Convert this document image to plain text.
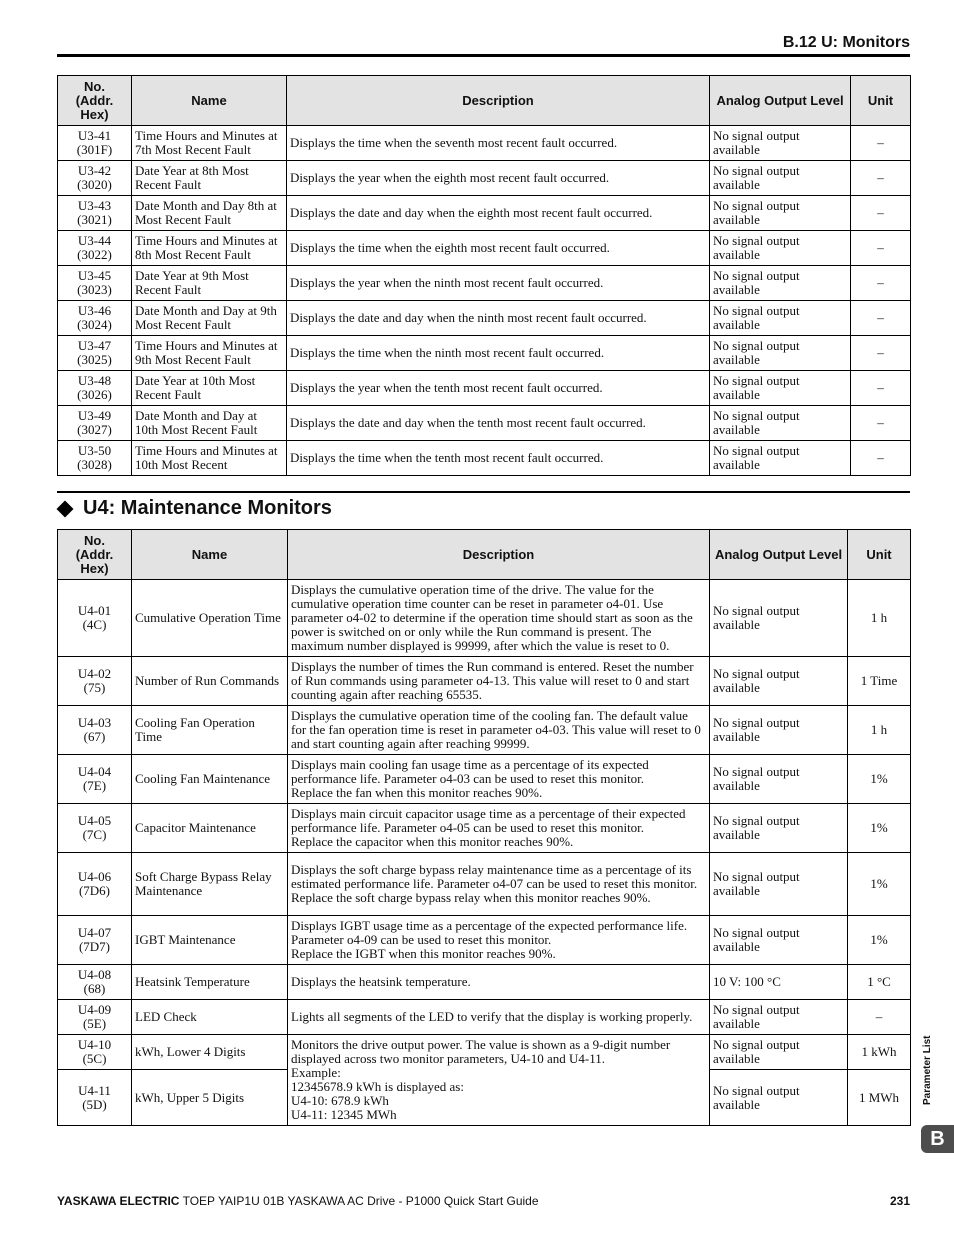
B.12 U: Monitors
No.
(Addr.
Hex)	Name	Description	Analog Output Level	Unit
U3-41
(301F)	Time Hours and Minutes at 7th Most Recent Fault	Displays the time when the seventh most recent fault occurred.	No signal output available	–
U3-42
(3020)	Date Year at 8th Most Recent Fault	Displays the year when the eighth most recent fault occurred.	No signal output available	–
U3-43
(3021)	Date Month and Day 8th at Most Recent Fault	Displays the date and day when the eighth most recent fault occurred.	No signal output available	–
U3-44
(3022)	Time Hours and Minutes at 8th Most Recent Fault	Displays the time when the eighth most recent fault occurred.	No signal output available	–
U3-45
(3023)	Date Year at 9th Most Recent Fault	Displays the year when the ninth most recent fault occurred.	No signal output available	–
U3-46
(3024)	Date Month and Day at 9th Most Recent Fault	Displays the date and day when the ninth most recent fault occurred.	No signal output available	–
U3-47
(3025)	Time Hours and Minutes at 9th Most Recent Fault	Displays the time when the ninth most recent fault occurred.	No signal output available	–
U3-48
(3026)	Date Year at 10th Most Recent Fault	Displays the year when the tenth most recent fault occurred.	No signal output available	–
U3-49
(3027)	Date Month and Day at 10th Most Recent Fault	Displays the date and day when the tenth most recent fault occurred.	No signal output available	–
U3-50
(3028)	Time Hours and Minutes at 10th Most Recent	Displays the time when the tenth most recent fault occurred.	No signal output available	–
U4: Maintenance Monitors
No.
(Addr.
Hex)	Name	Description	Analog Output Level	Unit
U4-01
(4C)	Cumulative Operation Time	Displays the cumulative operation time of the drive. The value for the cumulative operation time counter can be reset in parameter o4-01. Use parameter o4-02 to determine if the operation time should start as soon as the power is switched on or only while the Run command is present. The maximum number displayed is 99999, after which the value is reset to 0.	No signal output available	1 h
U4-02
(75)	Number of Run Commands	Displays the number of times the Run command is entered. Reset the number of Run commands using parameter o4-13. This value will reset to 0 and start counting again after reaching 65535.	No signal output available	1 Time
U4-03
(67)	Cooling Fan Operation Time	Displays the cumulative operation time of the cooling fan. The default value for the fan operation time is reset in parameter o4-03. This value will reset to 0 and start counting again after reaching 99999.	No signal output available	1 h
U4-04
(7E)	Cooling Fan Maintenance	Displays main cooling fan usage time as a percentage of its expected performance life. Parameter o4-03 can be used to reset this monitor.
Replace the fan when this monitor reaches 90%.	No signal output available	1%
U4-05
(7C)	Capacitor Maintenance	Displays main circuit capacitor usage time as a percentage of their expected performance life. Parameter o4-05 can be used to reset this monitor.
Replace the capacitor when this monitor reaches 90%.	No signal output available	1%
U4-06
(7D6)	Soft Charge Bypass Relay Maintenance	Displays the soft charge bypass relay maintenance time as a percentage of its estimated performance life. Parameter o4-07 can be used to reset this monitor.
Replace the soft charge bypass relay when this monitor reaches 90%.	No signal output available	1%
U4-07
(7D7)	IGBT Maintenance	Displays IGBT usage time as a percentage of the expected performance life. Parameter o4-09 can be used to reset this monitor.
Replace the IGBT when this monitor reaches 90%.	No signal output available	1%
U4-08
(68)	Heatsink Temperature	Displays the heatsink temperature.	10 V: 100 °C	1 °C
U4-09
(5E)	LED Check	Lights all segments of the LED to verify that the display is working properly.	No signal output available	–
U4-10
(5C)	kWh, Lower 4 Digits	Monitors the drive output power. The value is shown as a 9-digit number displayed across two monitor parameters, U4-10 and U4-11.
Example:
12345678.9 kWh is displayed as:
U4-10: 678.9 kWh
U4-11: 12345 MWh	No signal output available	1 kWh
U4-11
(5D)	kWh, Upper 5 Digits		No signal output available	1 MWh Parameter List
B
YASKAWA ELECTRIC TOEP YAIP1U 01B YASKAWA AC Drive - P1000 Quick Start Guide	231
